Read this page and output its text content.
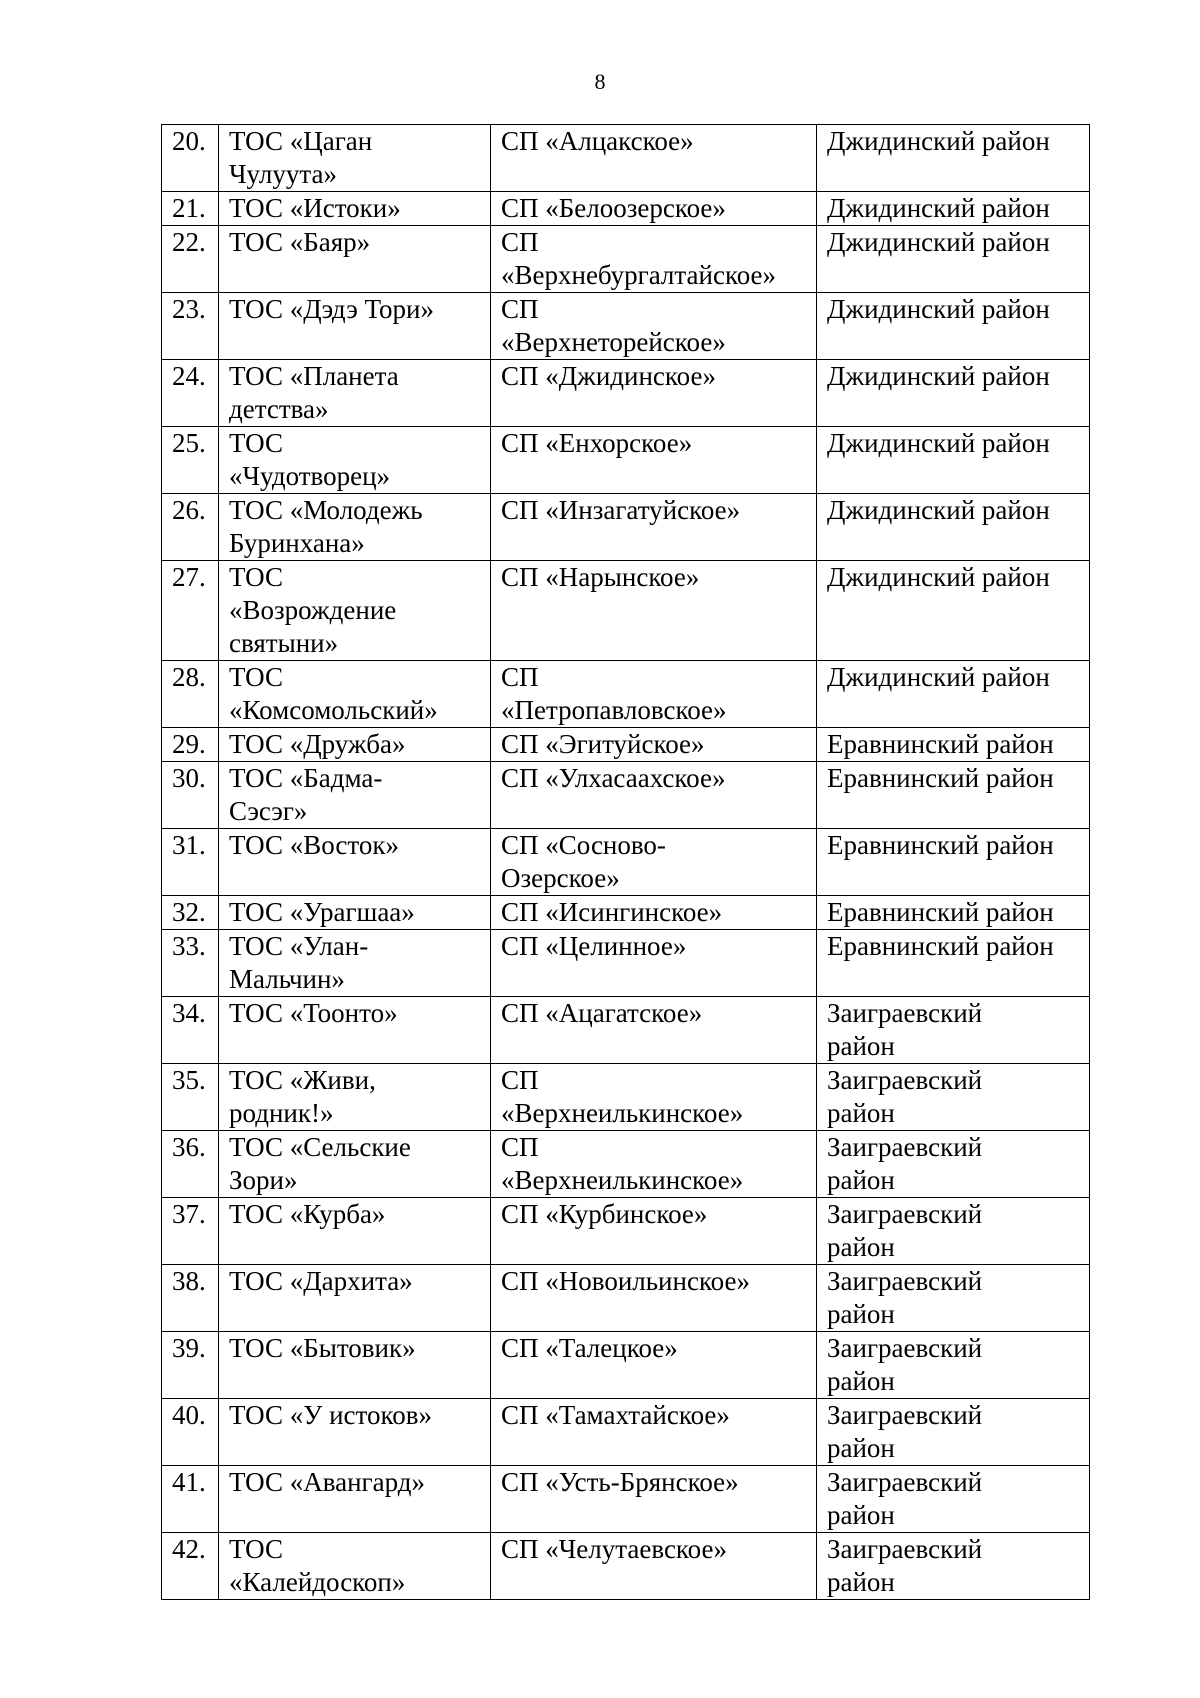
8
20.	ТОС «Цаган
Чулуута»	СП «Алцакское»	Джидинский район

21.	ТОС «Истоки»	СП «Белоозерское»	Джидинский район

22.	ТОС «Баяр»	СП
«Верхнебургалтайское»	Джидинский район

23.	ТОС «Дэдэ Тори»	СП
«Верхнеторейское»	Джидинский район

24.	ТОС «Планета
детства»	СП «Джидинское»	Джидинский район

25.	ТОС
«Чудотворец»	СП «Енхорское»	Джидинский район

26.	ТОС «Молодежь
Буринхана»	СП «Инзагатуйское»	Джидинский район

27.	ТОС
«Возрождение
святыни»	СП «Нарынское»	Джидинский район

28.	ТОС
«Комсомольский»	СП
«Петропавловское»	Джидинский район

29.	ТОС «Дружба»	СП «Эгитуйское»	Еравнинский район

30.	ТОС «Бадма-
Сэсэг»	СП «Улхасаахское»	Еравнинский район

31.	ТОС «Восток»	СП «Сосново-
Озерское»	Еравнинский район

32.	ТОС «Урагшаа»	СП «Исингинское»	Еравнинский район

33.	ТОС «Улан-
Мальчин»	СП «Целинное»	Еравнинский район

34.	ТОС «Тоонто»	СП «Ацагатское»	Заиграевский
район

35.	ТОС «Живи,
родник!»	СП
«Верхнеилькинское»	Заиграевский
район

36.	ТОС «Сельские
Зори»	СП
«Верхнеилькинское»	Заиграевский
район

37.	ТОС «Курба»	СП «Курбинское»	Заиграевский
район

38.	ТОС «Дархита»	СП «Новоильинское»	Заиграевский
район

39.	ТОС «Бытовик»	СП «Талецкое»	Заиграевский
район

40.	ТОС «У истоков»	СП «Тамахтайское»	Заиграевский
район

41.	ТОС «Авангард»	СП «Усть-Брянское»	Заиграевский
район

42.	ТОС
«Калейдоскоп»	СП «Челутаевское»	Заиграевский
район
